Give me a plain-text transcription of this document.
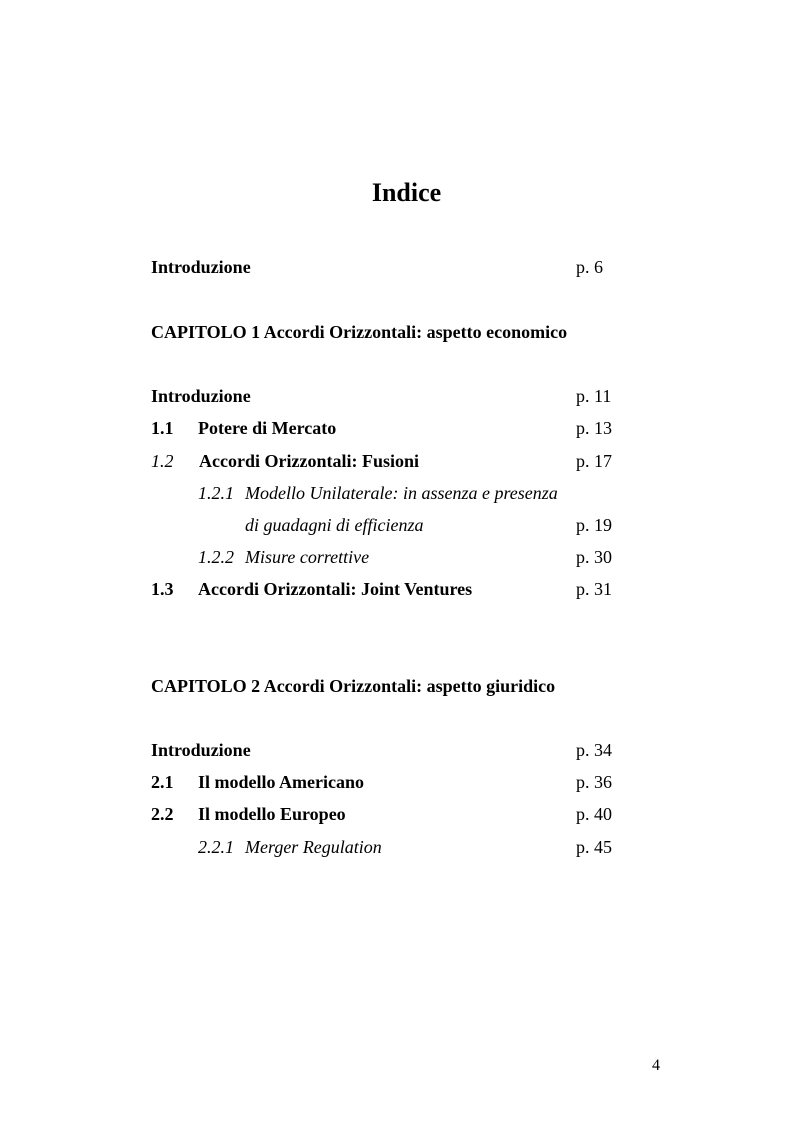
Indice
Introduzione	p. 6
CAPITOLO 1 Accordi Orizzontali: aspetto economico
Introduzione	p. 11
1.1 Potere di Mercato	p. 13
1.2 Accordi Orizzontali: Fusioni	p. 17
1.2.1 Modello Unilaterale: in assenza e presenza
di guadagni di efficienza	p. 19
1.2.2 Misure correttive	p. 30
1.3 Accordi Orizzontali: Joint Ventures	p. 31
CAPITOLO 2 Accordi Orizzontali: aspetto giuridico
Introduzione	p. 34
2.1 Il modello Americano	p. 36
2.2 Il modello Europeo	p. 40
2.2.1 Merger Regulation	p. 45
4
